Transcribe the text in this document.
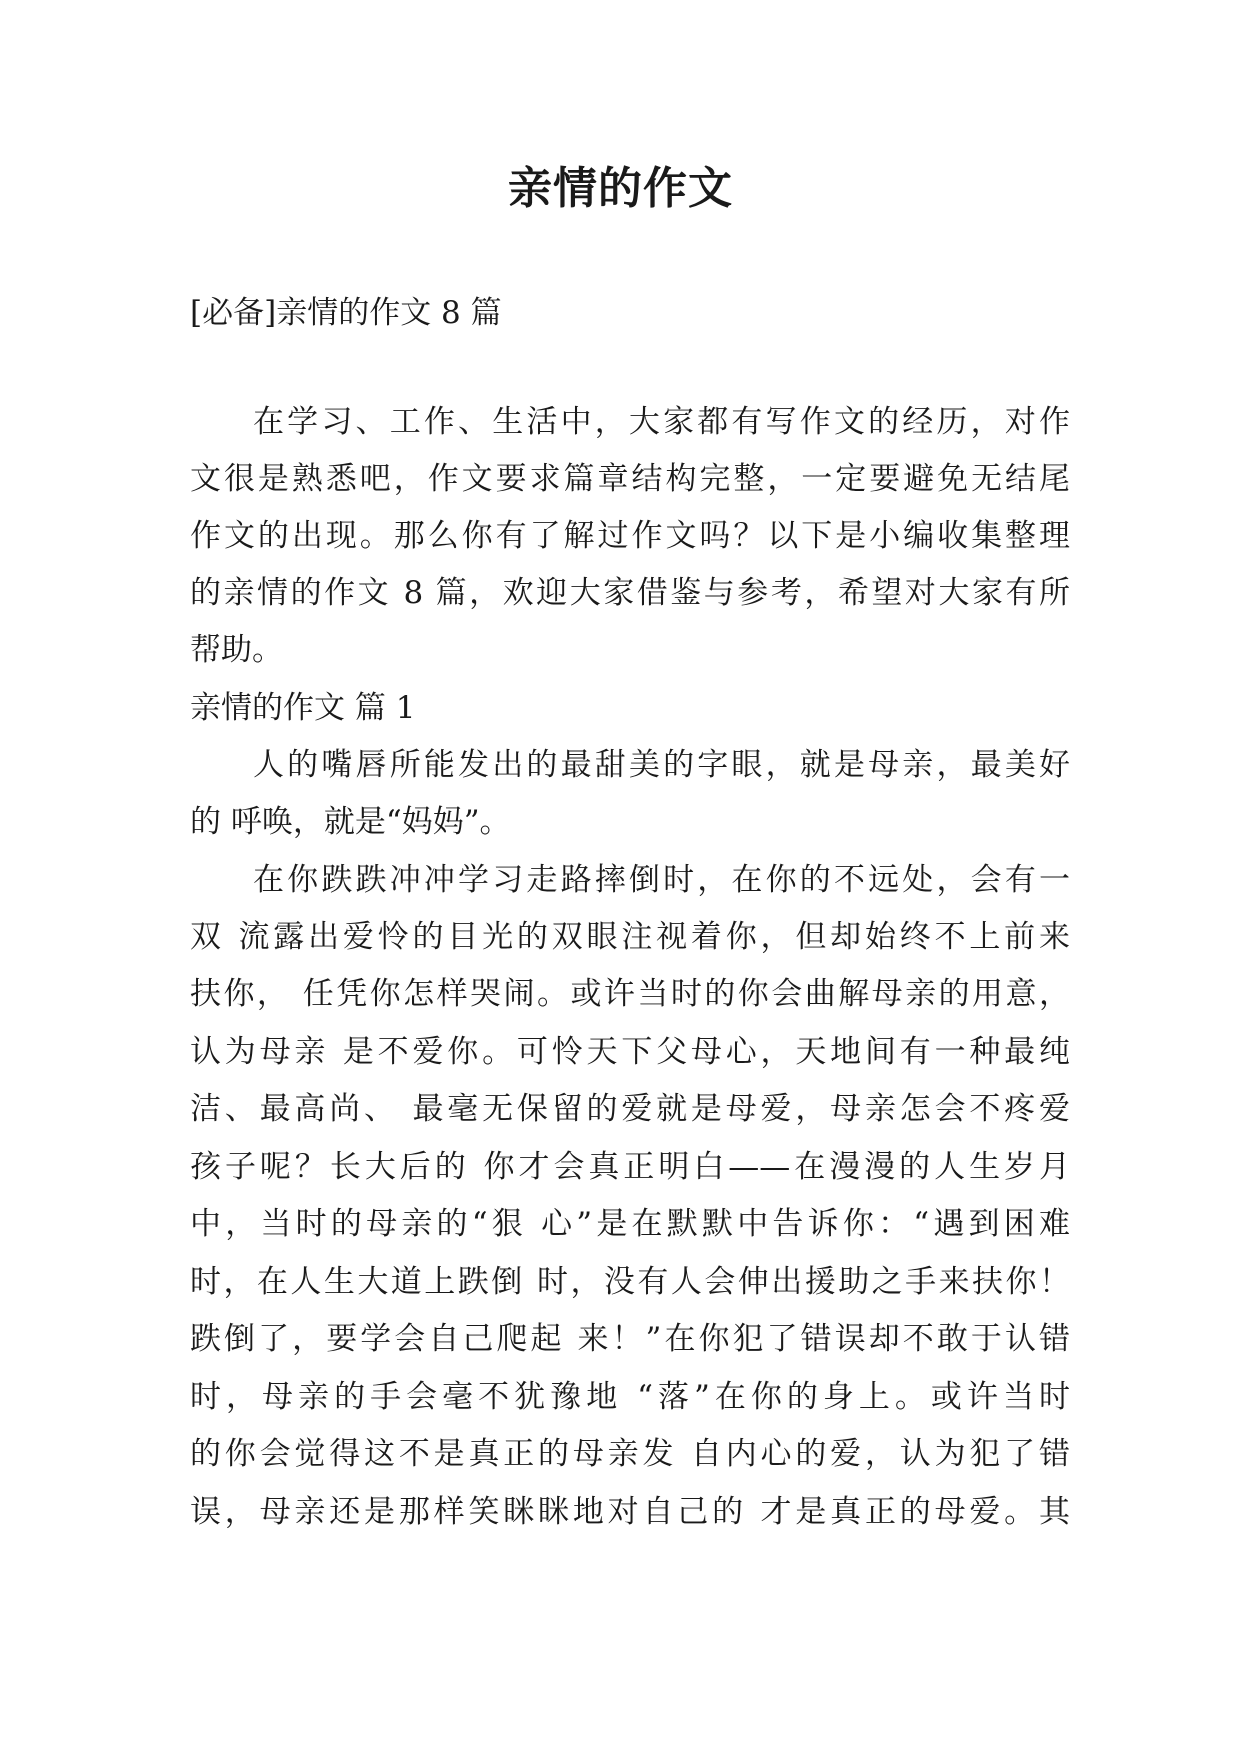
亲情的作文
[必备]亲情的作文 8 篇
在学习、工作、生活中，大家都有写作文的经历，对作
文很是熟悉吧，作文要求篇章结构完整，一定要避免无结尾
作文的出现。那么你有了解过作文吗？以下是小编收集整理
的亲情的作文 8 篇，欢迎大家借鉴与参考，希望对大家有所
帮助。
亲情的作文 篇 1
人的嘴唇所能发出的最甜美的字眼，就是母亲，最美好
的 呼唤，就是“妈妈”。
在你跌跌冲冲学习走路摔倒时，在你的不远处，会有一
双 流露出爱怜的目光的双眼注视着你，但却始终不上前来
扶你， 任凭你怎样哭闹。或许当时的你会曲解母亲的用意，
认为母亲 是不爱你。可怜天下父母心，天地间有一种最纯
洁、最高尚、 最毫无保留的爱就是母爱，母亲怎会不疼爱
孩子呢？长大后的 你才会真正明白——在漫漫的人生岁月
中，当时的母亲的“狠 心”是在默默中告诉你：“遇到困难
时，在人生大道上跌倒 时，没有人会伸出援助之手来扶你！
跌倒了，要学会自己爬起 来！”在你犯了错误却不敢于认错
时，母亲的手会毫不犹豫地 “落”在你的身上。或许当时
的你会觉得这不是真正的母亲发 自内心的爱，认为犯了错
误，母亲还是那样笑眯眯地对自己的 才是真正的母爱。其
